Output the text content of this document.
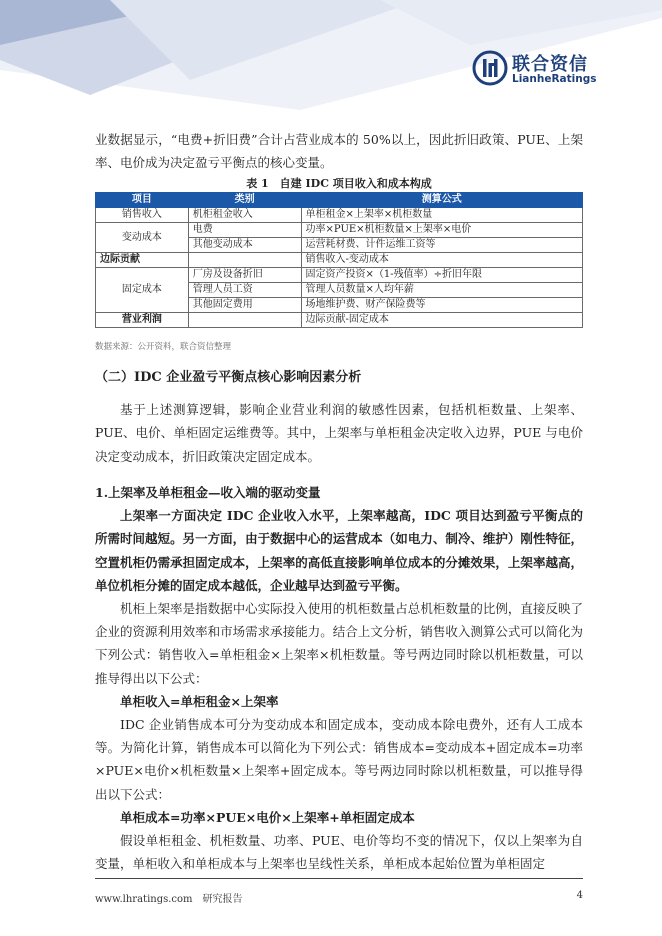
联合资信
LianheRatings

业数据显示，“电费+折旧费”合计占营业成本的 50%以上，因此折旧政策、PUE、上架率、电价成为决定盈亏平衡点的核心变量。

表 1　自建 IDC 项目收入和成本构成
项目	类别	测算公式
销售收入	机柜租金收入	单柜租金×上架率×机柜数量
变动成本	电费	功率×PUE×机柜数量×上架率×电价
	其他变动成本	运营耗材费、计件运维工资等
边际贡献		销售收入-变动成本
固定成本	厂房及设备折旧	固定资产投资×（1-残值率）÷折旧年限
	管理人员工资	管理人员数量×人均年薪
	其他固定费用	场地维护费、财产保险费等
营业利润		边际贡献-固定成本
数据来源：公开资料，联合资信整理

（二）IDC 企业盈亏平衡点核心影响因素分析

基于上述测算逻辑，影响企业营业利润的敏感性因素，包括机柜数量、上架率、PUE、电价、单柜固定运维费等。其中，上架率与单柜租金决定收入边界，PUE 与电价决定变动成本，折旧政策决定固定成本。

1.上架率及单柜租金—收入端的驱动变量

上架率一方面决定 IDC 企业收入水平，上架率越高，IDC 项目达到盈亏平衡点的所需时间越短。另一方面，由于数据中心的运营成本（如电力、制冷、维护）刚性特征，空置机柜仍需承担固定成本，上架率的高低直接影响单位成本的分摊效果，上架率越高，单位机柜分摊的固定成本越低，企业越早达到盈亏平衡。

机柜上架率是指数据中心实际投入使用的机柜数量占总机柜数量的比例，直接反映了企业的资源利用效率和市场需求承接能力。结合上文分析，销售收入测算公式可以简化为下列公式：销售收入=单柜租金×上架率×机柜数量。等号两边同时除以机柜数量，可以推导得出以下公式：

单柜收入=单柜租金×上架率

IDC 企业销售成本可分为变动成本和固定成本，变动成本除电费外，还有人工成本等。为简化计算，销售成本可以简化为下列公式：销售成本=变动成本+固定成本=功率×PUE×电价×机柜数量×上架率+固定成本。等号两边同时除以机柜数量，可以推导得出以下公式：

单柜成本=功率×PUE×电价×上架率+单柜固定成本

假设单柜租金、机柜数量、功率、PUE、电价等均不变的情况下，仅以上架率为自变量，单柜收入和单柜成本与上架率也呈线性关系，单柜成本起始位置为单柜固定

www.lhratings.com　研究报告	4
